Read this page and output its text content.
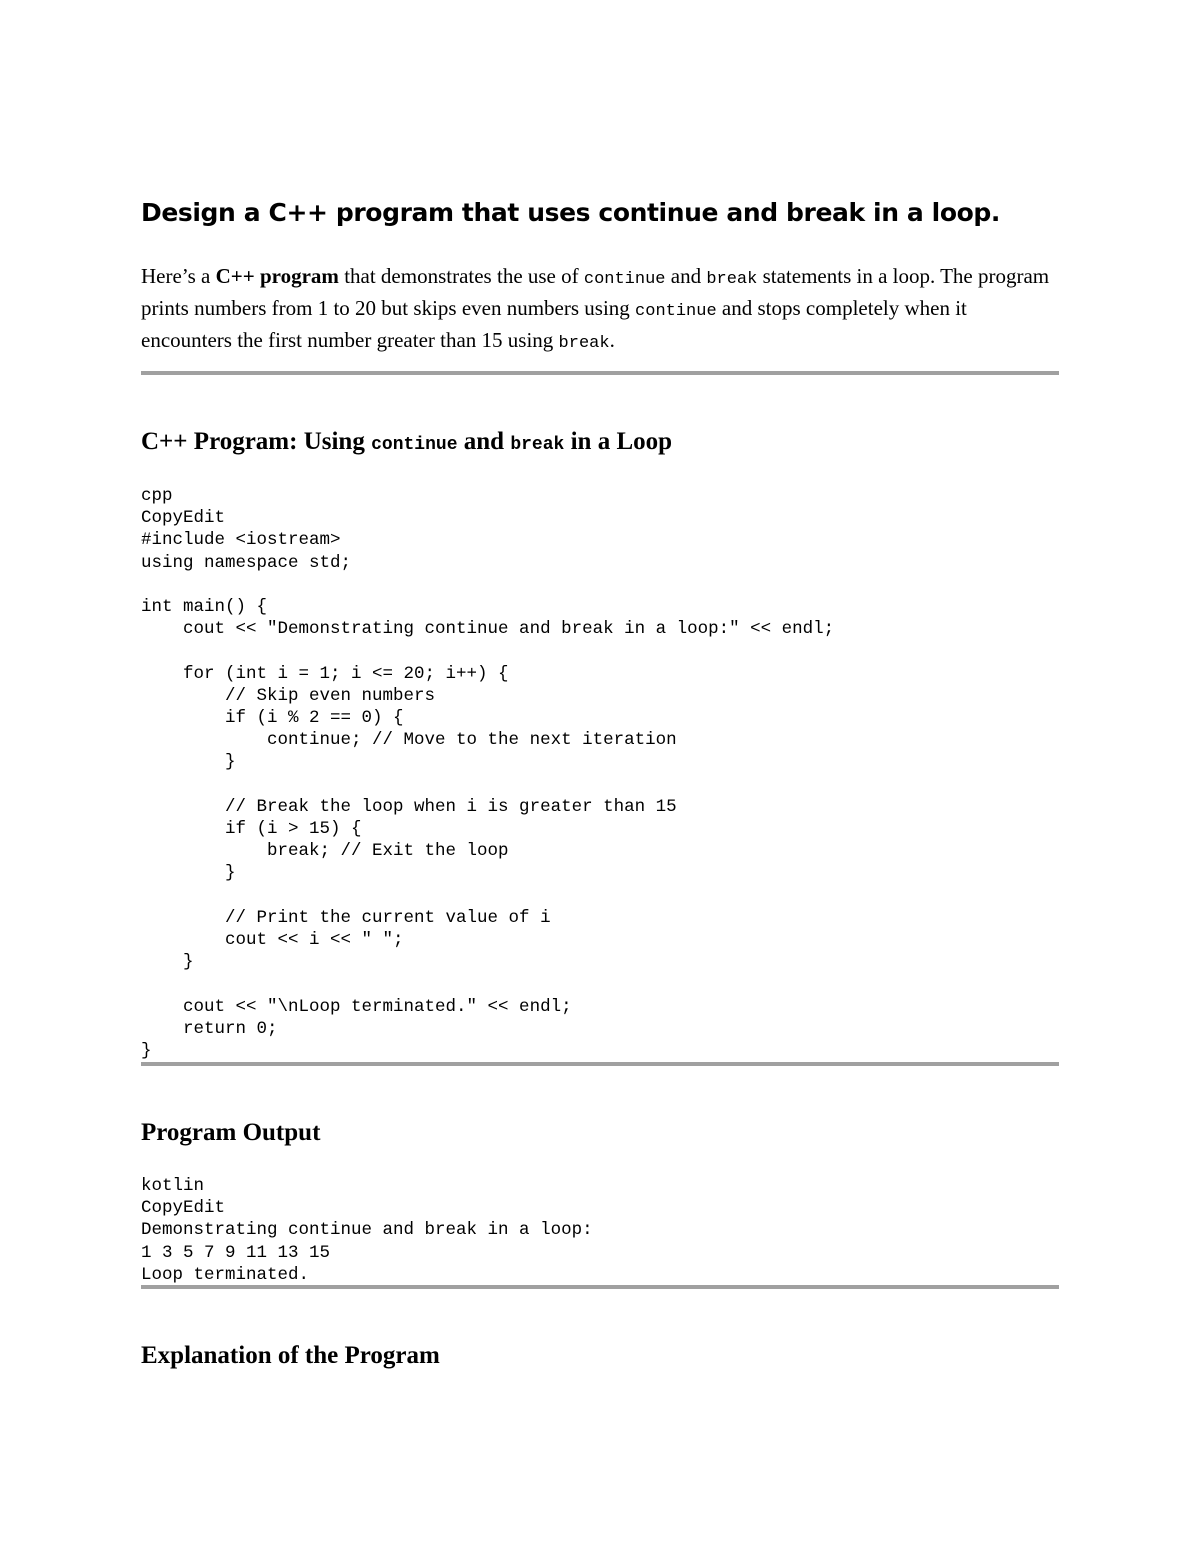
Design a C++ program that uses continue and break in a loop.

Here’s a C++ program that demonstrates the use of continue and break statements in a loop. The program prints numbers from 1 to 20 but skips even numbers using continue and stops completely when it encounters the first number greater than 15 using break.

C++ Program: Using continue and break in a Loop
cpp
CopyEdit
#include <iostream>
using namespace std;

int main() {
cout << "Demonstrating continue and break in a loop:" << endl;

for (int i = 1; i <= 20; i++) {
// Skip even numbers
if (i % 2 == 0) {
continue; // Move to the next iteration
}

// Break the loop when i is greater than 15
if (i > 15) {
break; // Exit the loop
}

// Print the current value of i
cout << i << " ";
}

cout << "\nLoop terminated." << endl;
return 0;
}
Program Output
kotlin
CopyEdit
Demonstrating continue and break in a loop:
1 3 5 7 9 11 13 15
Loop terminated.
Explanation of the Program
